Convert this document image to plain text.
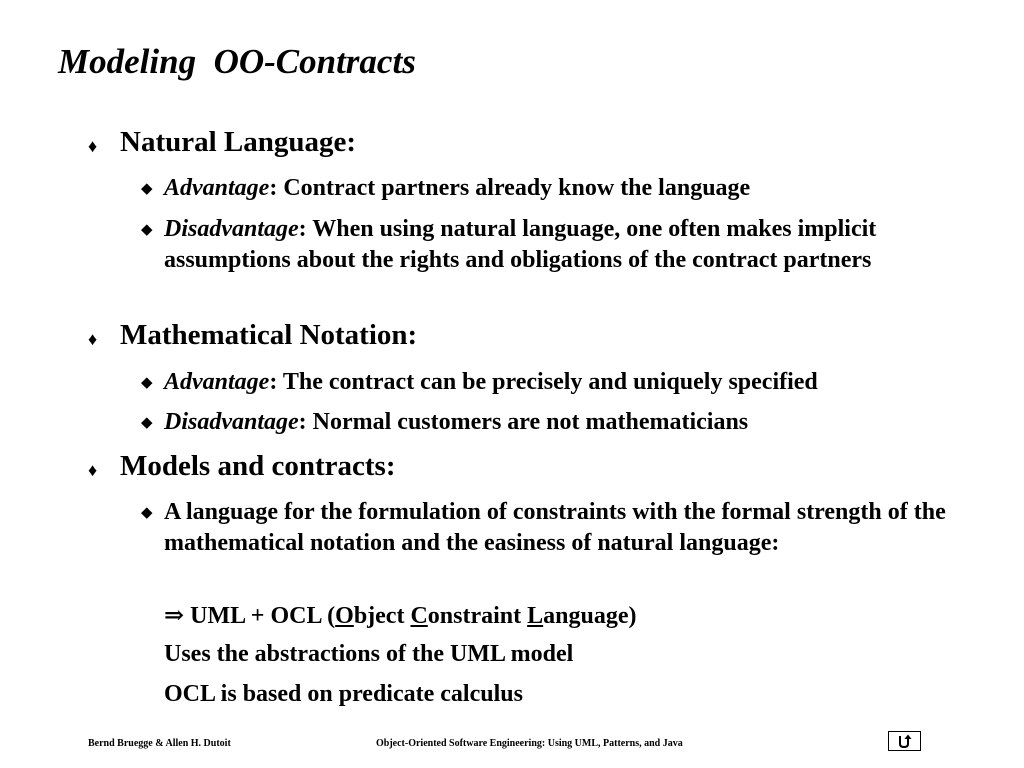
Modeling  OO-Contracts
♦ Natural Language:
◆ Advantage: Contract partners already know the language
◆ Disadvantage: When using natural language, one often makes implicit assumptions about the rights and obligations of the contract partners
♦ Mathematical Notation:
◆ Advantage: The contract can be precisely and uniquely specified
◆ Disadvantage: Normal customers are not mathematicians
♦ Models and contracts:
◆ A language for the formulation of constraints with the formal strength of the mathematical notation and the easiness of natural language:
⇒ UML + OCL (Object Constraint Language)
Uses the abstractions of the UML model
OCL is based on predicate calculus
Bernd Bruegge & Allen H. Dutoit	Object-Oriented Software Engineering: Using UML, Patterns, and Java
